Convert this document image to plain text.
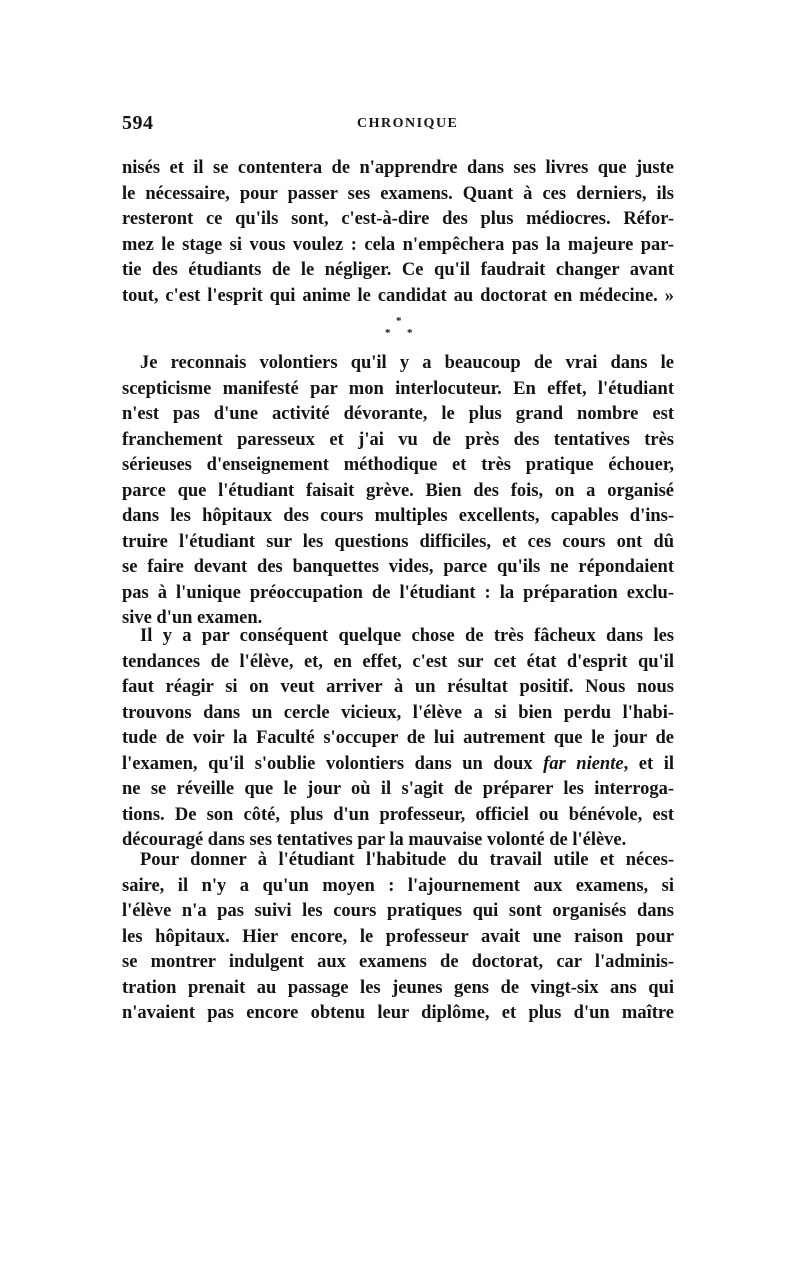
594	CHRONIQUE
nisés et il se contentera de n'apprendre dans ses livres que juste
le nécessaire, pour passer ses examens. Quant à ces derniers, ils
resteront ce qu'ils sont, c'est-à-dire des plus médiocres. Réfor-
mez le stage si vous voulez : cela n'empêchera pas la majeure par-
tie des étudiants de le négliger. Ce qu'il faudrait changer avant
tout, c'est l'esprit qui anime le candidat au doctorat en médecine. »
*
* *
Je reconnais volontiers qu'il y a beaucoup de vrai dans le
scepticisme manifesté par mon interlocuteur. En effet, l'étudiant
n'est pas d'une activité dévorante, le plus grand nombre est
franchement paresseux et j'ai vu de près des tentatives très
sérieuses d'enseignement méthodique et très pratique échouer,
parce que l'étudiant faisait grève. Bien des fois, on a organisé
dans les hôpitaux des cours multiples excellents, capables d'ins-
truire l'étudiant sur les questions difficiles, et ces cours ont dû
se faire devant des banquettes vides, parce qu'ils ne répondaient
pas à l'unique préoccupation de l'étudiant : la préparation exclu-
sive d'un examen.
Il y a par conséquent quelque chose de très fâcheux dans les
tendances de l'élève, et, en effet, c'est sur cet état d'esprit qu'il
faut réagir si on veut arriver à un résultat positif. Nous nous
trouvons dans un cercle vicieux, l'élève a si bien perdu l'habi-
tude de voir la Faculté s'occuper de lui autrement que le jour de
l'examen, qu'il s'oublie volontiers dans un doux far niente, et il
ne se réveille que le jour où il s'agit de préparer les interroga-
tions. De son côté, plus d'un professeur, officiel ou bénévole, est
découragé dans ses tentatives par la mauvaise volonté de l'élève.
Pour donner à l'étudiant l'habitude du travail utile et néces-
saire, il n'y a qu'un moyen : l'ajournement aux examens, si
l'élève n'a pas suivi les cours pratiques qui sont organisés dans
les hôpitaux. Hier encore, le professeur avait une raison pour
se montrer indulgent aux examens de doctorat, car l'adminis-
tration prenait au passage les jeunes gens de vingt-six ans qui
n'avaient pas encore obtenu leur diplôme, et plus d'un maître
